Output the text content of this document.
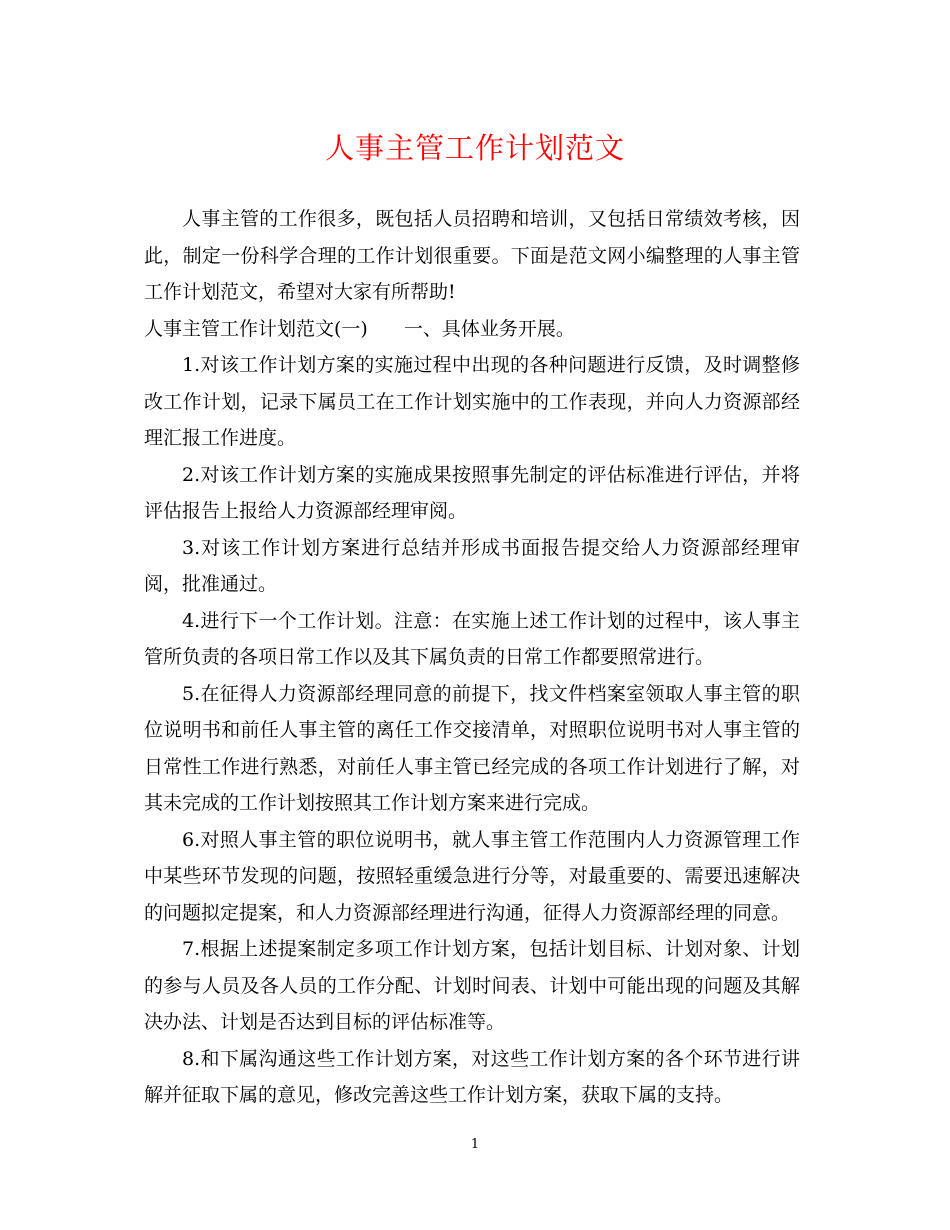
人事主管工作计划范文

人事主管的工作很多，既包括人员招聘和培训，又包括日常绩效考核，因此，制定一份科学合理的工作计划很重要。下面是范文网小编整理的人事主管工作计划范文，希望对大家有所帮助!

人事主管工作计划范文(一) 一、具体业务开展。

1.对该工作计划方案的实施过程中出现的各种问题进行反馈，及时调整修改工作计划，记录下属员工在工作计划实施中的工作表现，并向人力资源部经理汇报工作进度。

2.对该工作计划方案的实施成果按照事先制定的评估标准进行评估，并将评估报告上报给人力资源部经理审阅。

3.对该工作计划方案进行总结并形成书面报告提交给人力资源部经理审阅，批准通过。

4.进行下一个工作计划。注意：在实施上述工作计划的过程中，该人事主管所负责的各项日常工作以及其下属负责的日常工作都要照常进行。

5.在征得人力资源部经理同意的前提下，找文件档案室领取人事主管的职位说明书和前任人事主管的离任工作交接清单，对照职位说明书对人事主管的日常性工作进行熟悉，对前任人事主管已经完成的各项工作计划进行了解，对其未完成的工作计划按照其工作计划方案来进行完成。

6.对照人事主管的职位说明书，就人事主管工作范围内人力资源管理工作中某些环节发现的问题，按照轻重缓急进行分等，对最重要的、需要迅速解决的问题拟定提案，和人力资源部经理进行沟通，征得人力资源部经理的同意。

7.根据上述提案制定多项工作计划方案，包括计划目标、计划对象、计划的参与人员及各人员的工作分配、计划时间表、计划中可能出现的问题及其解决办法、计划是否达到目标的评估标准等。

8.和下属沟通这些工作计划方案，对这些工作计划方案的各个环节进行讲解并征取下属的意见，修改完善这些工作计划方案，获取下属的支持。

1
